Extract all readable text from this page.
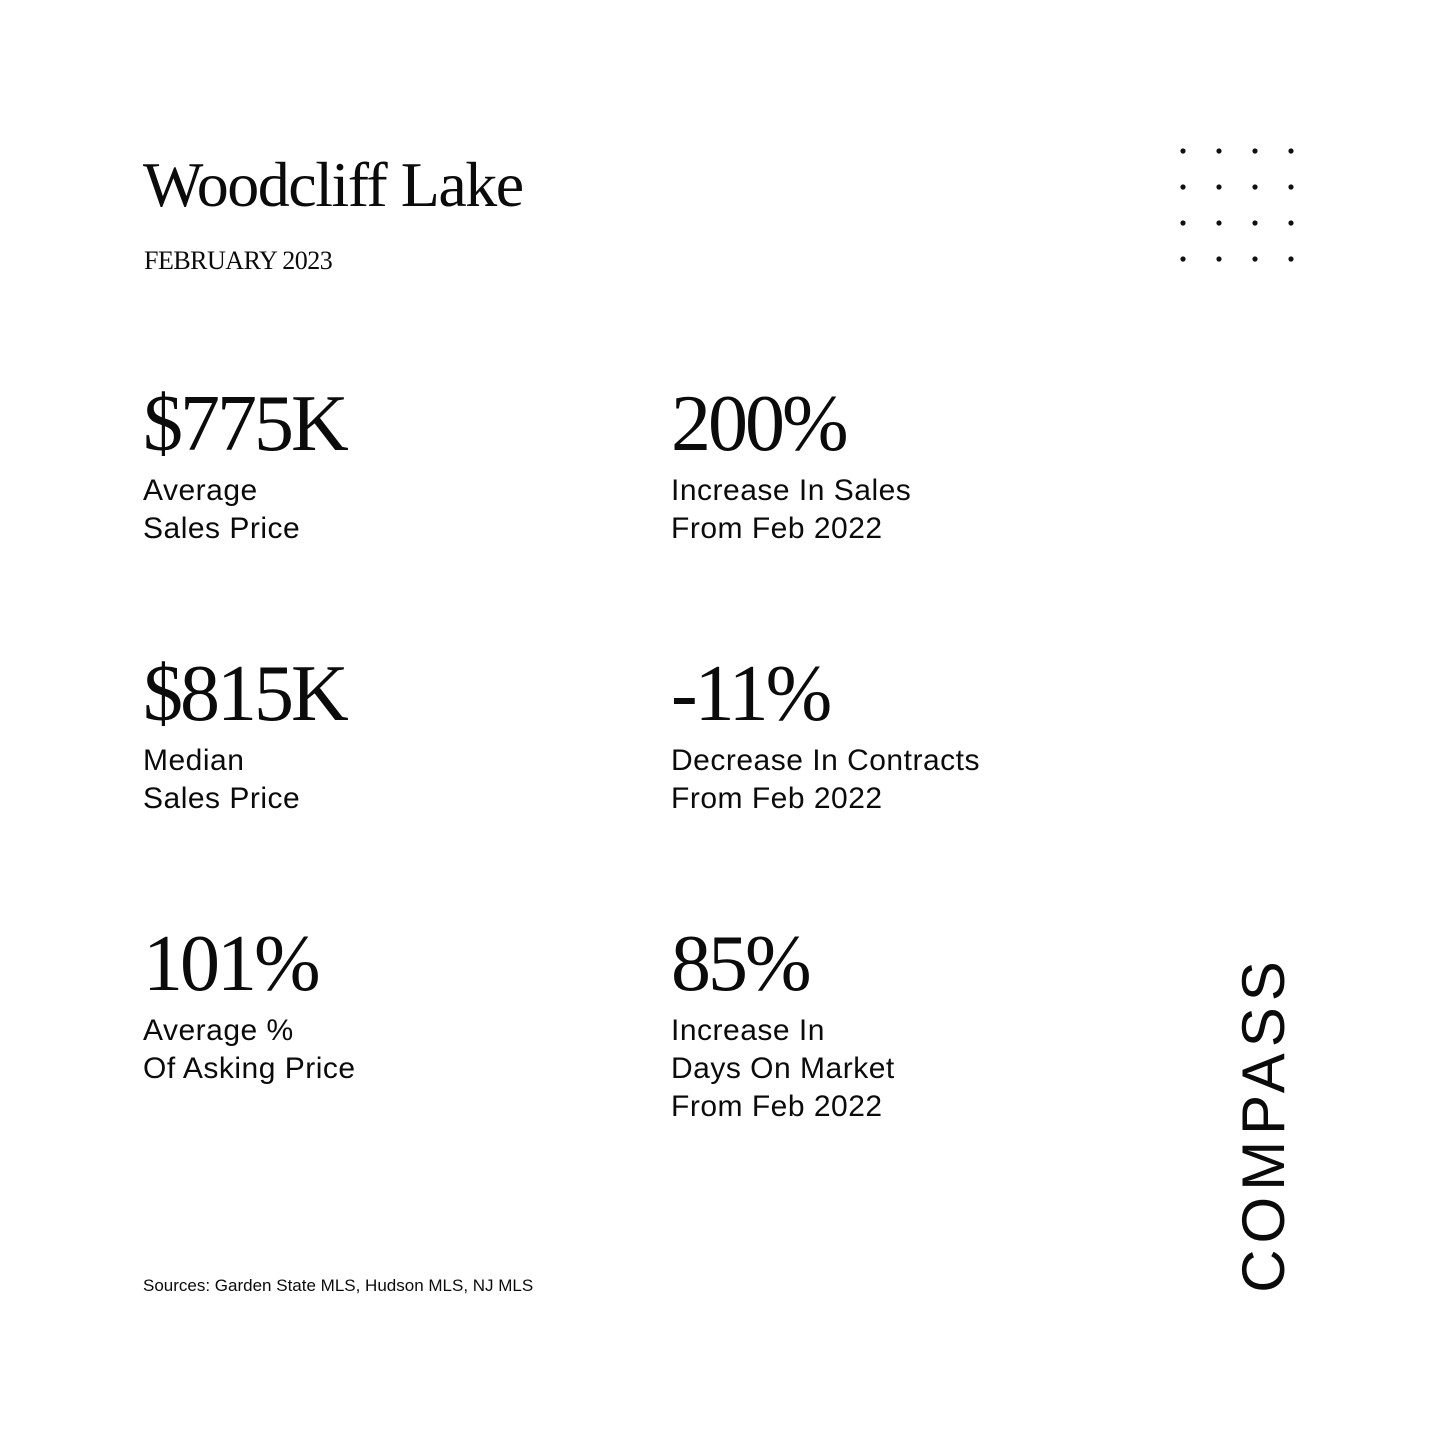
Woodcliff Lake
FEBRUARY 2023
$775K
Average
Sales Price
200%
Increase In Sales
From Feb 2022
$815K
Median
Sales Price
-11%
Decrease In Contracts
From Feb 2022
101%
Average %
Of Asking Price
85%
Increase In
Days On Market
From Feb 2022
Sources: Garden State MLS, Hudson MLS, NJ MLS	COMPASS
